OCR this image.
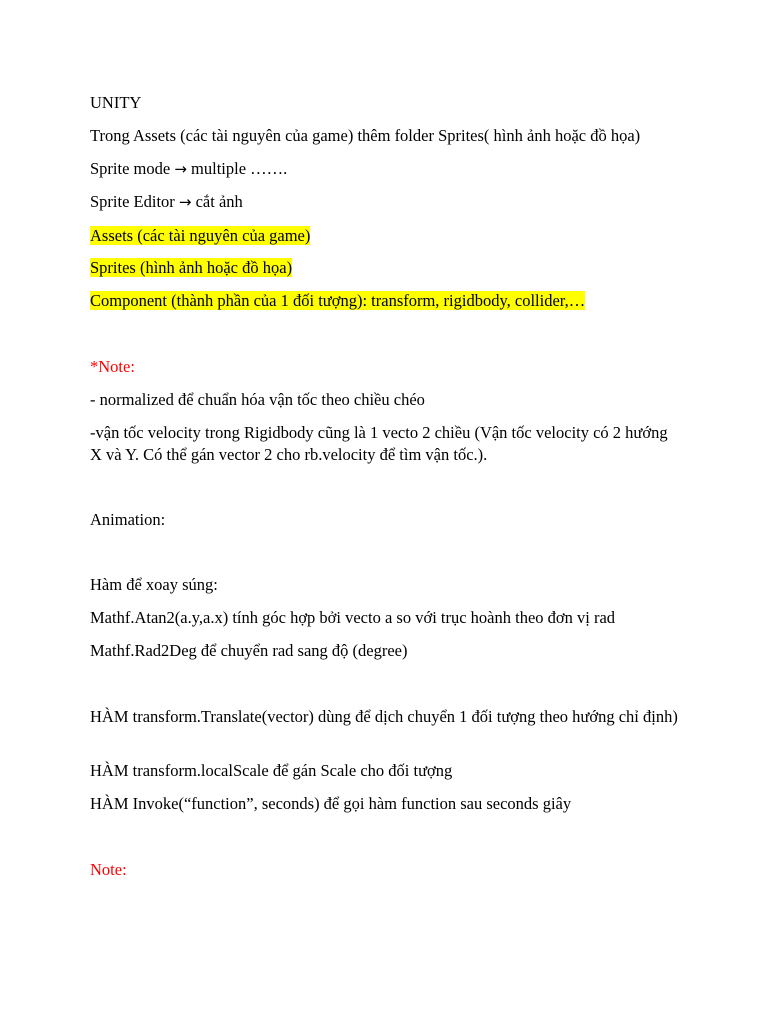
UNITY

Trong Assets (các tài nguyên của game) thêm folder Sprites( hình ảnh hoặc đồ họa)

Sprite mode → multiple …….

Sprite Editor → cắt ảnh

Assets (các tài nguyên của game)

Sprites (hình ảnh hoặc đồ họa)

Component (thành phần của 1 đối tượng): transform, rigidbody, collider,…

*Note:

- normalized để chuẩn hóa vận tốc theo chiều chéo

-vận tốc velocity trong Rigidbody cũng là 1 vecto 2 chiều (Vận tốc velocity có 2 hướng X và Y. Có thể gán vector 2 cho rb.velocity để tìm vận tốc.).

Animation:

Hàm để xoay súng:

Mathf.Atan2(a.y,a.x) tính góc hợp bởi vecto a so với trục hoành theo đơn vị rad

Mathf.Rad2Deg để chuyển rad sang độ (degree)

HÀM transform.Translate(vector) dùng để dịch chuyển 1 đối tượng theo hướng chỉ định)

HÀM transform.localScale để gán Scale cho đối tượng

HÀM Invoke(“function”, seconds) để gọi hàm function sau seconds giây

Note:
